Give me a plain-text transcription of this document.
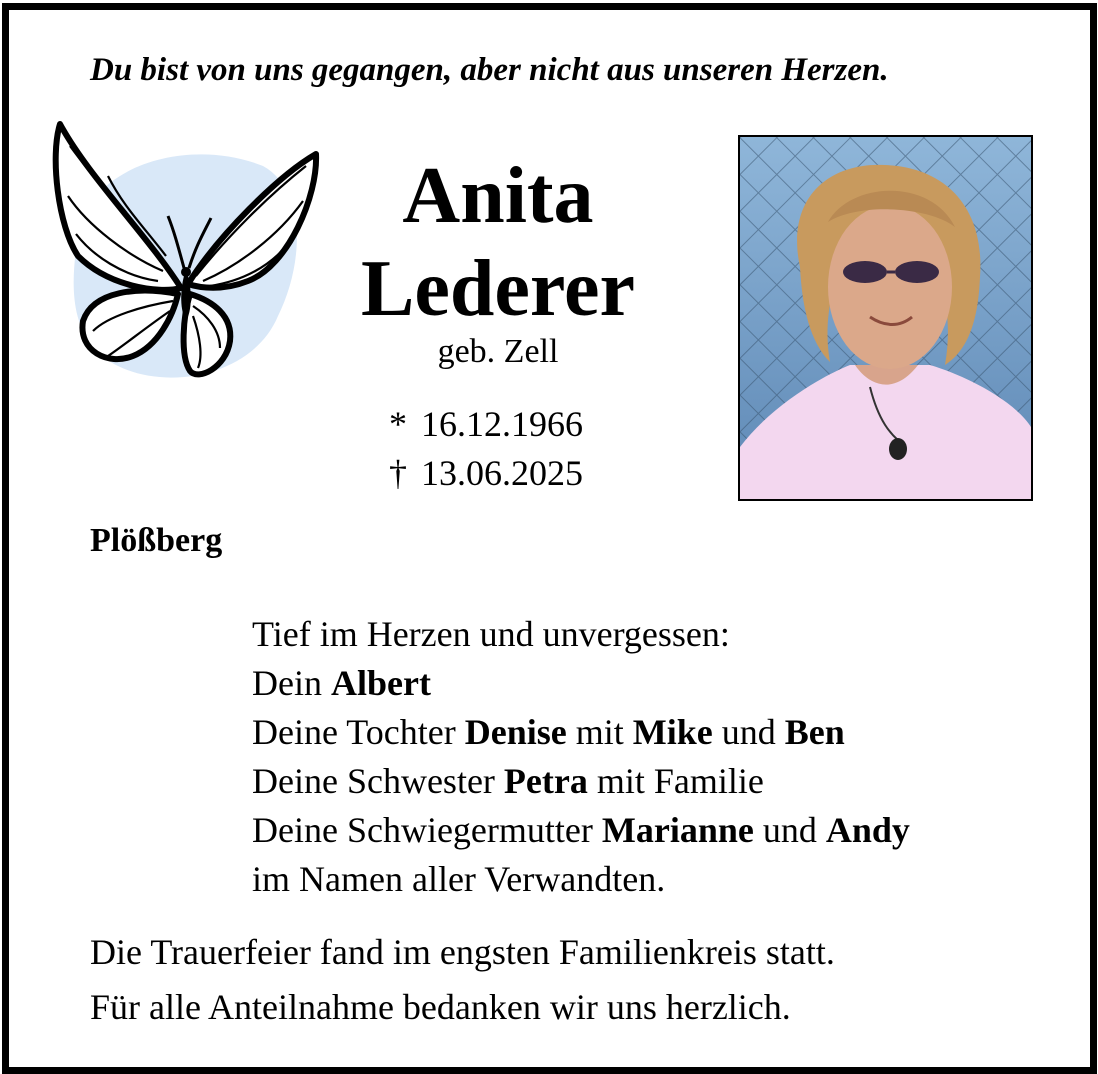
Du bist von uns gegangen, aber nicht aus unseren Herzen.
Anita
Lederer
geb. Zell
* 16.12.1966
† 13.06.2025
Plößberg
Tief im Herzen und unvergessen:
Dein Albert
Deine Tochter Denise mit Mike und Ben
Deine Schwester Petra mit Familie
Deine Schwiegermutter Marianne und Andy
im Namen aller Verwandten.
Die Trauerfeier fand im engsten Familienkreis statt.
Für alle Anteilnahme bedanken wir uns herzlich.
